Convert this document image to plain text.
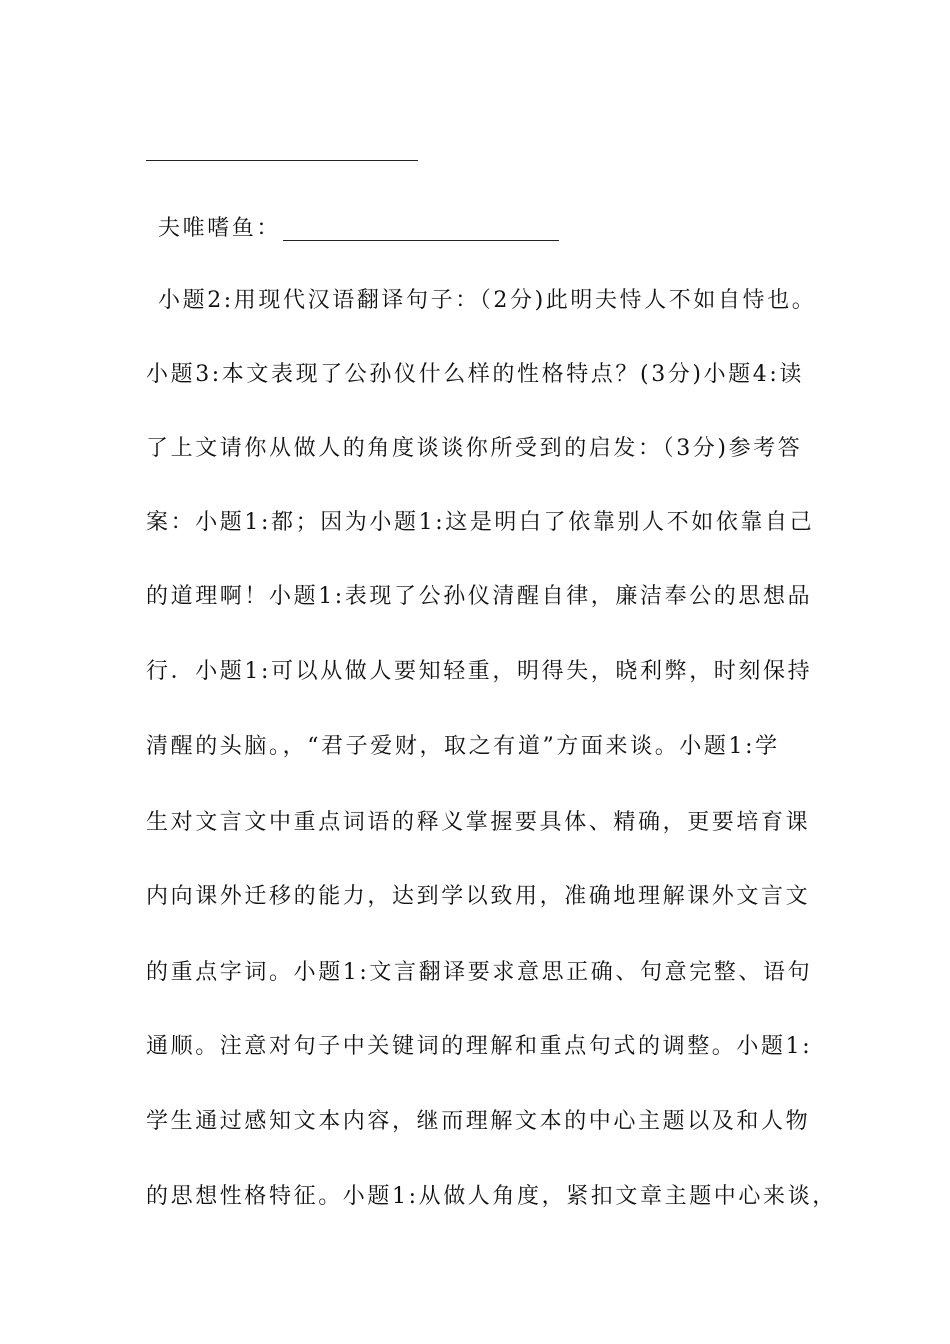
夫唯嗜鱼：
小题2:用现代汉语翻译句子：（2分)此明夫恃人不如自恃也。
小题3:本文表现了公孙仪什么样的性格特点？(3分)小题4:读
了上文请你从做人的角度谈谈你所受到的启发：（3分)参考答
案：小题1:都；因为小题1:这是明白了依靠别人不如依靠自己
的道理啊！小题1:表现了公孙仪清醒自律，廉洁奉公的思想品
行．小题1:可以从做人要知轻重，明得失，晓利弊，时刻保持
清醒的头脑。，“君子爱财，取之有道”方面来谈。小题1:学
生对文言文中重点词语的释义掌握要具体、精确，更要培育课
内向课外迁移的能力，达到学以致用，准确地理解课外文言文
的重点字词。小题1:文言翻译要求意思正确、句意完整、语句
通顺。注意对句子中关键词的理解和重点句式的调整。小题1:
学生通过感知文本内容，继而理解文本的中心主题以及和人物
的思想性格特征。小题1:从做人角度，紧扣文章主题中心来谈，
